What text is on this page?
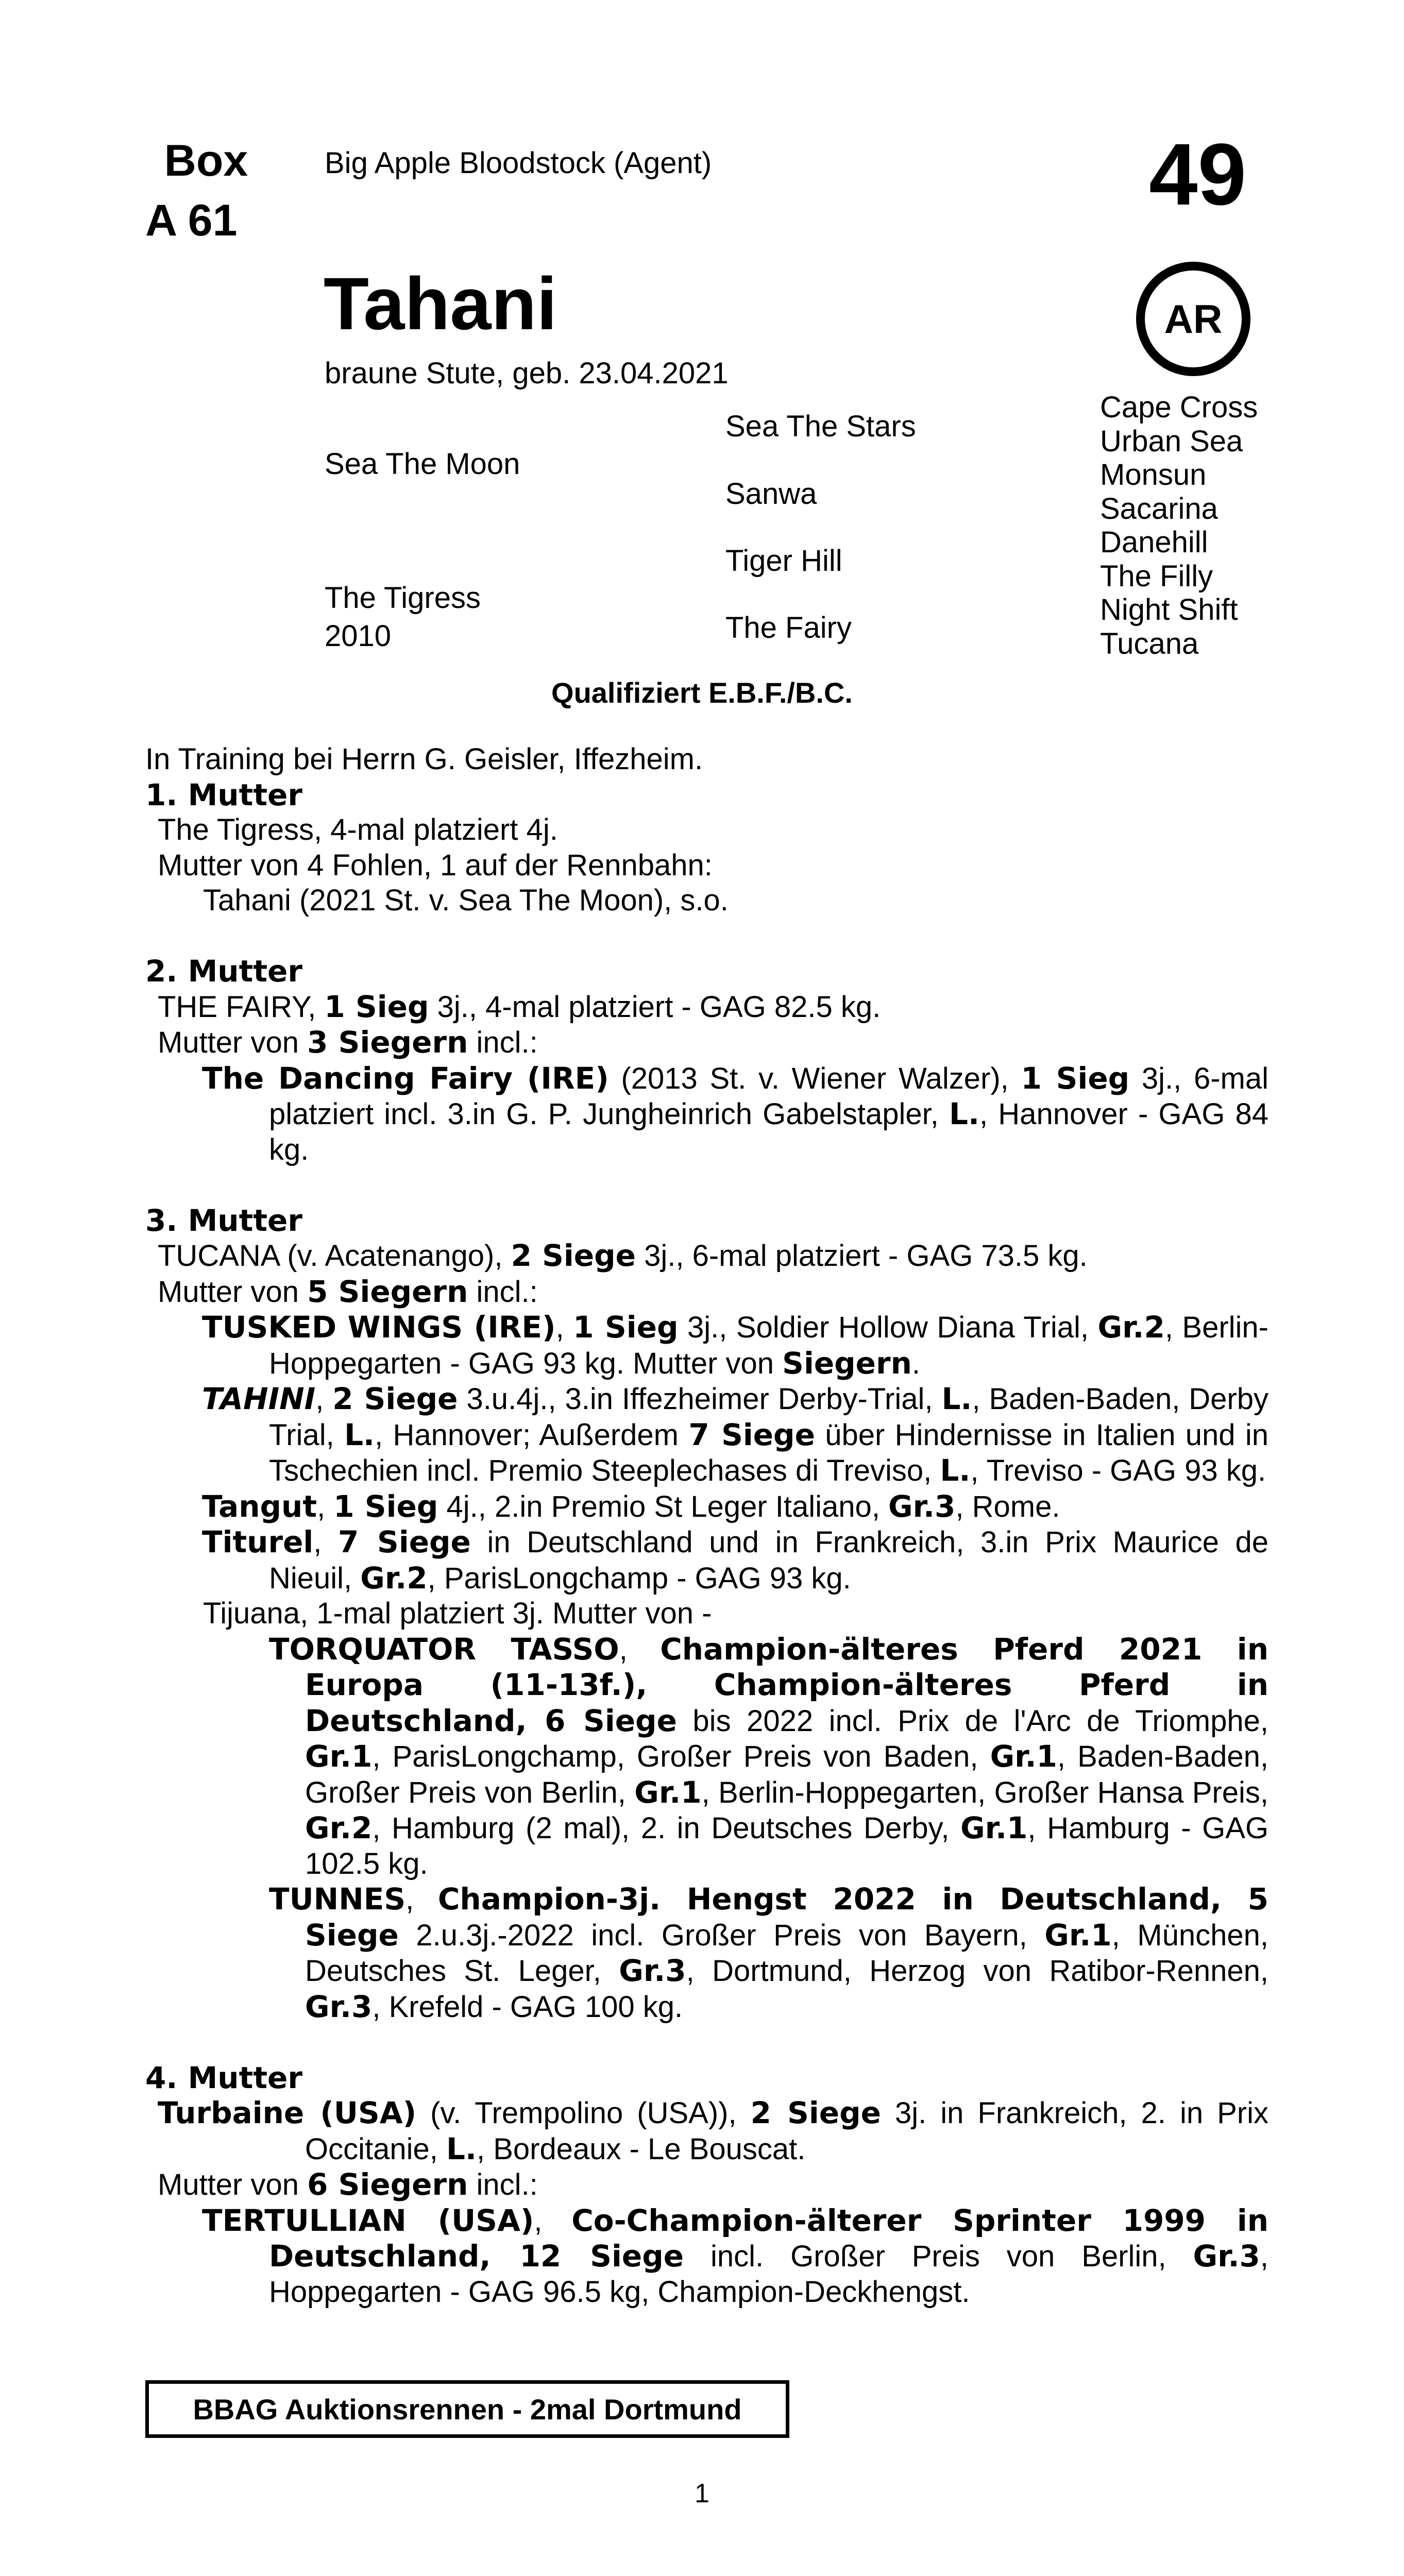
Box
A 61
Big Apple Bloodstock (Agent)	49
AR
Tahani
braune Stute, geb. 23.04.2021
Sea The Moon
The Tigress
2010
Sea The Stars
Sanwa
Tiger Hill
The Fairy
Cape Cross
Urban Sea
Monsun
Sacarina
Danehill
The Filly
Night Shift
Tucana
Qualifiziert E.B.F./B.C.
In Training bei Herrn G. Geisler, Iffezheim.
1. Mutter
The Tigress, 4-mal platziert 4j.
Mutter von 4 Fohlen, 1 auf der Rennbahn:
Tahani (2021 St. v. Sea The Moon), s.o.
2. Mutter
THE FAIRY, 1 Sieg 3j., 4-mal platziert - GAG 82.5 kg.
Mutter von 3 Siegern incl.:

The Dancing Fairy (IRE) (2013 St. v. Wiener Walzer), 1 Sieg 3j., 6-mal platziert incl. 3.in G. P. Jungheinrich Gabelstapler, L., Hannover - GAG 84 kg.

3. Mutter
TUCANA (v. Acatenango), 2 Siege 3j., 6-mal platziert - GAG 73.5 kg.
Mutter von 5 Siegern incl.:

TUSKED WINGS (IRE), 1 Sieg 3j., Soldier Hollow Diana Trial, Gr.2, Berlin-Hoppegarten - GAG 93 kg. Mutter von Siegern.

TAHINI, 2 Siege 3.u.4j., 3.in Iffezheimer Derby-Trial, L., Baden-Baden, Derby Trial, L., Hannover; Außerdem 7 Siege über Hindernisse in Italien und in Tschechien incl. Premio Steeplechases di Treviso, L., Treviso - GAG 93 kg.

Tangut, 1 Sieg 4j., 2.in Premio St Leger Italiano, Gr.3, Rome.

Titurel, 7 Siege in Deutschland und in Frankreich, 3.in Prix Maurice de Nieuil, Gr.2, ParisLongchamp - GAG 93 kg.

Tijuana, 1-mal platziert 3j. Mutter von -

TORQUATOR TASSO, Champion-älteres Pferd 2021 in Europa (11-13f.), Champion-älteres Pferd in Deutschland, 6 Siege bis 2022 incl. Prix de l'Arc de Triomphe, Gr.1, ParisLongchamp, Großer Preis von Baden, Gr.1, Baden-Baden, Großer Preis von Berlin, Gr.1, Berlin-Hoppegarten, Großer Hansa Preis, Gr.2, Hamburg (2 mal), 2. in Deutsches Derby, Gr.1, Hamburg - GAG 102.5 kg.

TUNNES, Champion-3j. Hengst 2022 in Deutschland, 5 Siege 2.u.3j.-2022 incl. Großer Preis von Bayern, Gr.1, München, Deutsches St. Leger, Gr.3, Dortmund, Herzog von Ratibor-Rennen, Gr.3, Krefeld - GAG 100 kg.

4. Mutter

Turbaine (USA) (v. Trempolino (USA)), 2 Siege 3j. in Frankreich, 2. in Prix Occitanie, L., Bordeaux - Le Bouscat.

Mutter von 6 Siegern incl.:

TERTULLIAN (USA), Co-Champion-älterer Sprinter 1999 in Deutschland, 12 Siege incl. Großer Preis von Berlin, Gr.3, Hoppegarten - GAG 96.5 kg, Champion-Deckhengst.

BBAG Auktionsrennen - 2mal Dortmund
1
